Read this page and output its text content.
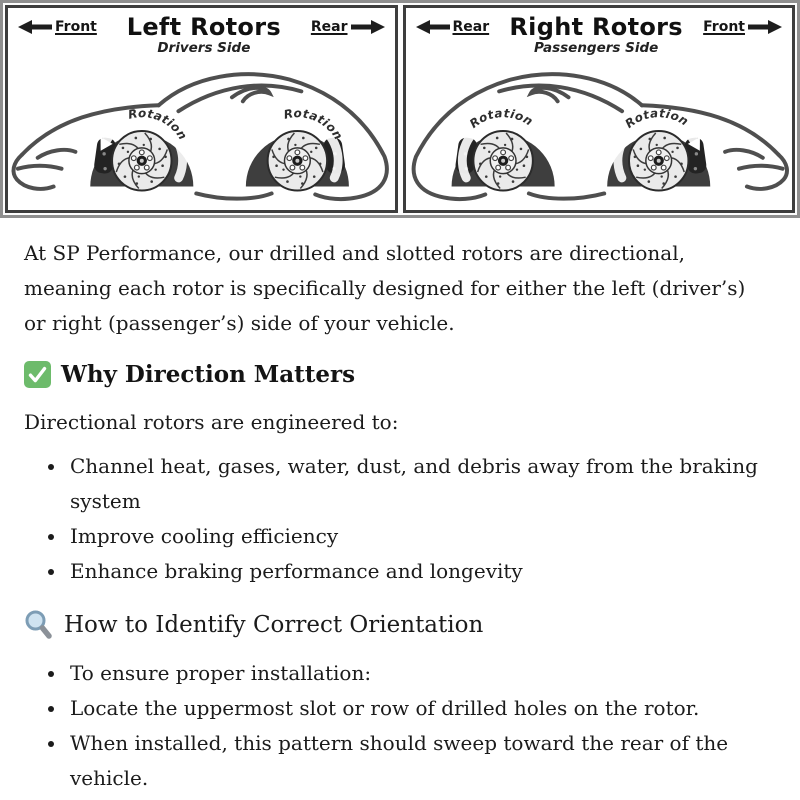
Front	Left Rotors
Drivers Side
Rear
Rotation
Rotation
Rear Right Rotors
Passengers Side
Front
Rotation
Rotation

At SP Performance, our drilled and slotted rotors are directional, meaning each rotor is specifically designed for either the left (driver’s) or right (passenger’s) side of your vehicle.

Why Direction Matters

Directional rotors are engineered to:

• Channel heat, gases, water, dust, and debris away from the braking system
• Improve cooling efficiency
• Enhance braking performance and longevity
How to Identify Correct Orientation
• To ensure proper installation:
• Locate the uppermost slot or row of drilled holes on the rotor.
• When installed, this pattern should sweep toward the rear of the vehicle.
